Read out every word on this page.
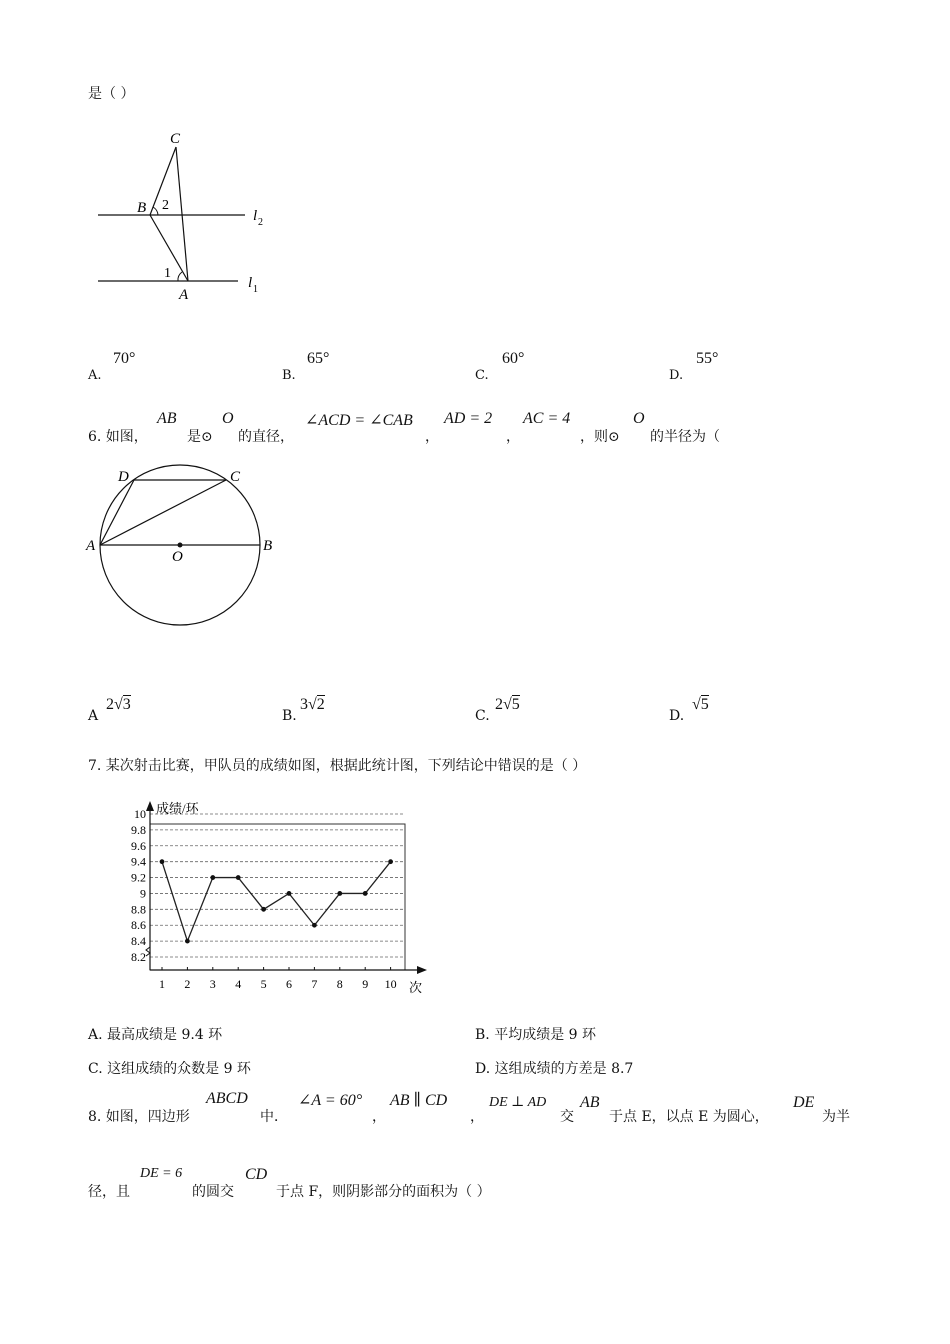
是（ ）
C
B 2
1
A
l 2
l 1
A.
70°
B.
65°
C.
60°
D.
55°
6. 如图，
AB
是⊙
O
的直径，
∠ACD = ∠CAB
，
AD = 2
，
AC = 4
，则⊙
O
的半径为（
D	C
A
O
B
A
2√3
B.
3√2
C.
2√5
D.
√5
7. 某次射击比赛，甲队员的成绩如图，根据此统计图，下列结论中错误的是（ ）
8.2
8.4
8.6
8.8
9
9.2
9.4
9.6
9.8
10 成绩/环
次
1 2 3 4 5 6 7 8 9 10
A. 最高成绩是 9.4 环	B. 平均成绩是 9 环
C. 这组成绩的众数是 9 环	D. 这组成绩的方差是 8.7
8. 如图，四边形
ABCD
中．
∠A = 60°
，
AB ∥ CD
，
DE ⊥ AD
交
AB
于点 E，以点 E 为圆心，
DE
为半
径，且
DE = 6
的圆交
CD
于点 F，则阴影部分的面积为（ ）
